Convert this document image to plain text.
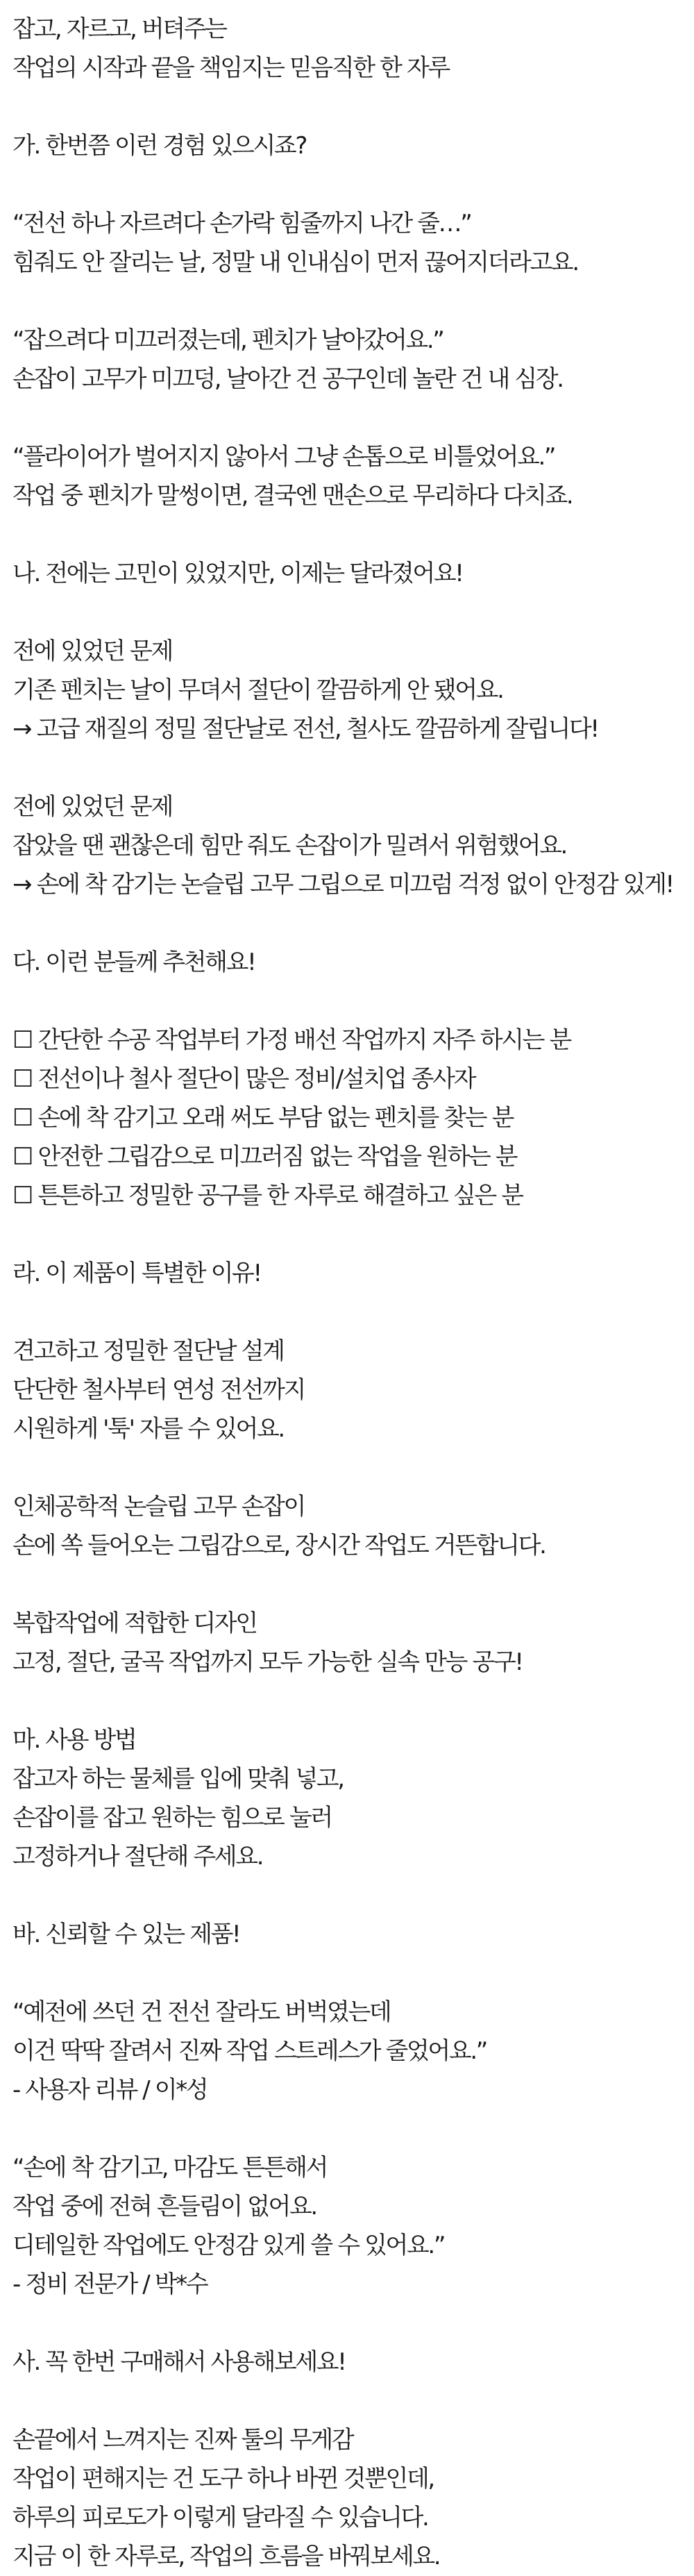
잡고, 자르고, 버텨주는
작업의 시작과 끝을 책임지는 믿음직한 한 자루
가. 한번쯤 이런 경험 있으시죠?
“전선 하나 자르려다 손가락 힘줄까지 나간 줄…”
힘줘도 안 잘리는 날, 정말 내 인내심이 먼저 끊어지더라고요.
“잡으려다 미끄러졌는데, 펜치가 날아갔어요.”
손잡이 고무가 미끄덩, 날아간 건 공구인데 놀란 건 내 심장.
“플라이어가 벌어지지 않아서 그냥 손톱으로 비틀었어요.”
작업 중 펜치가 말썽이면, 결국엔 맨손으로 무리하다 다치죠.
나. 전에는 고민이 있었지만, 이제는 달라졌어요!
전에 있었던 문제
기존 펜치는 날이 무뎌서 절단이 깔끔하게 안 됐어요.
→ 고급 재질의 정밀 절단날로 전선, 철사도 깔끔하게 잘립니다!
전에 있었던 문제
잡았을 땐 괜찮은데 힘만 줘도 손잡이가 밀려서 위험했어요.
→ 손에 착 감기는 논슬립 고무 그립으로 미끄럼 걱정 없이 안정감 있게!
다. 이런 분들께 추천해요!
☐ 간단한 수공 작업부터 가정 배선 작업까지 자주 하시는 분
☐ 전선이나 철사 절단이 많은 정비/설치업 종사자
☐ 손에 착 감기고 오래 써도 부담 없는 펜치를 찾는 분
☐ 안전한 그립감으로 미끄러짐 없는 작업을 원하는 분
☐ 튼튼하고 정밀한 공구를 한 자루로 해결하고 싶은 분
라. 이 제품이 특별한 이유!
견고하고 정밀한 절단날 설계
단단한 철사부터 연성 전선까지
시원하게 '툭' 자를 수 있어요.
인체공학적 논슬립 고무 손잡이
손에 쏙 들어오는 그립감으로, 장시간 작업도 거뜬합니다.
복합작업에 적합한 디자인
고정, 절단, 굴곡 작업까지 모두 가능한 실속 만능 공구!
마. 사용 방법
잡고자 하는 물체를 입에 맞춰 넣고,
손잡이를 잡고 원하는 힘으로 눌러
고정하거나 절단해 주세요.
바. 신뢰할 수 있는 제품!
“예전에 쓰던 건 전선 잘라도 버벅였는데
이건 딱딱 잘려서 진짜 작업 스트레스가 줄었어요.”
- 사용자 리뷰 / 이*성
“손에 착 감기고, 마감도 튼튼해서
작업 중에 전혀 흔들림이 없어요.
디테일한 작업에도 안정감 있게 쓸 수 있어요.”
- 정비 전문가 / 박*수
사. 꼭 한번 구매해서 사용해보세요!
손끝에서 느껴지는 진짜 툴의 무게감
작업이 편해지는 건 도구 하나 바뀐 것뿐인데,
하루의 피로도가 이렇게 달라질 수 있습니다.
지금 이 한 자루로, 작업의 흐름을 바꿔보세요.
